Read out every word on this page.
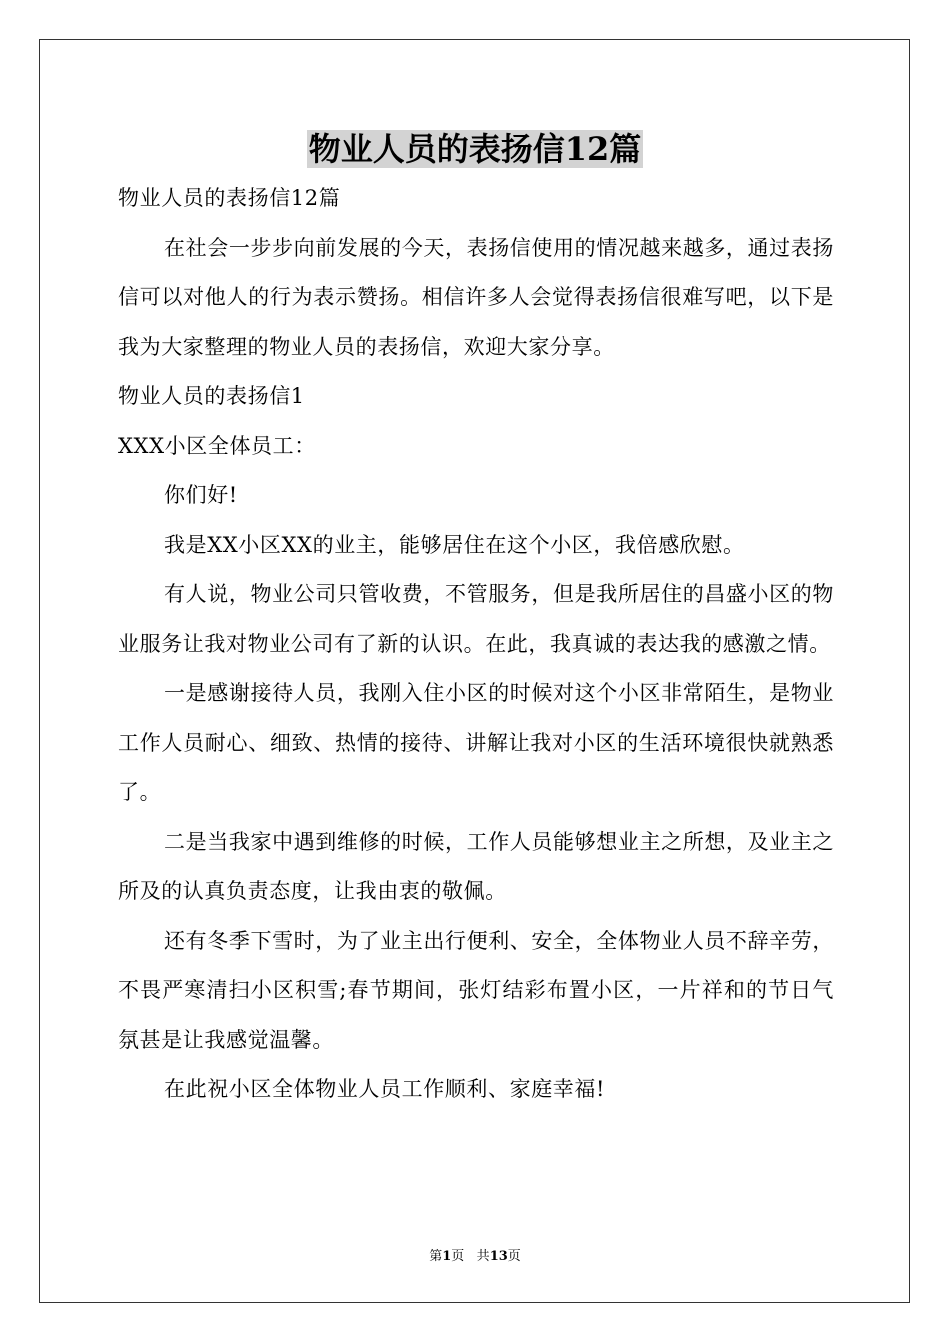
物业人员的表扬信12篇

物业人员的表扬信12篇

在社会一步步向前发展的今天，表扬信使用的情况越来越多，通过表扬信可以对他人的行为表示赞扬。相信许多人会觉得表扬信很难写吧，以下是我为大家整理的物业人员的表扬信，欢迎大家分享。

物业人员的表扬信1

XXX小区全体员工：

你们好!

我是XX小区XX的业主，能够居住在这个小区，我倍感欣慰。

有人说，物业公司只管收费，不管服务，但是我所居住的昌盛小区的物业服务让我对物业公司有了新的认识。在此，我真诚的表达我的感激之情。

一是感谢接待人员，我刚入住小区的时候对这个小区非常陌生，是物业工作人员耐心、细致、热情的接待、讲解让我对小区的生活环境很快就熟悉了。

二是当我家中遇到维修的时候，工作人员能够想业主之所想，及业主之所及的认真负责态度，让我由衷的敬佩。

还有冬季下雪时，为了业主出行便利、安全，全体物业人员不辞辛劳，不畏严寒清扫小区积雪;春节期间，张灯结彩布置小区，一片祥和的节日气氛甚是让我感觉温馨。

在此祝小区全体物业人员工作顺利、家庭幸福!

第1页 共13页
